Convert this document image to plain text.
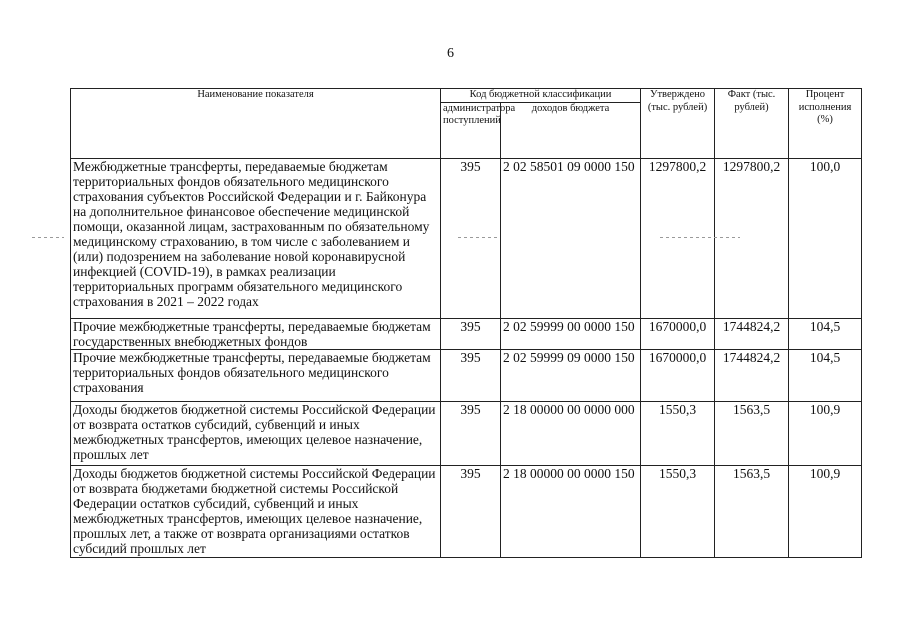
6
Наименование показателя	Код бюджетной классификации		Утверждено (тыс. рублей)	Факт (тыс. рублей)	Процент исполнения (%)
	администратора поступлений	доходов бюджета			
Межбюджетные трансферты, передаваемые бюджетам территориальных фондов обязательного медицинского страхования субъектов Российской Федерации и г. Байконура на дополнительное финансовое обеспечение медицинской помощи, оказанной лицам, застрахованным по обязательному медицинскому страхованию, в том числе с заболеванием и (или) подозрением на заболевание новой коронавирусной инфекцией (COVID-19), в рамках реализации территориальных программ обязательного медицинского страхования в 2021 – 2022 годах	395	2 02 58501 09 0000 150	1297800,2	1297800,2	100,0
Прочие межбюджетные трансферты, передаваемые бюджетам государственных внебюджетных фондов	395	2 02 59999 00 0000 150	1670000,0	1744824,2	104,5
Прочие межбюджетные трансферты, передаваемые бюджетам территориальных фондов обязательного медицинского страхования	395	2 02 59999 09 0000 150	1670000,0	1744824,2	104,5
Доходы бюджетов бюджетной системы Российской Федерации от возврата остатков субсидий, субвенций и иных межбюджетных трансфертов, имеющих целевое назначение, прошлых лет	395	2 18 00000 00 0000 000	1550,3	1563,5	100,9
Доходы бюджетов бюджетной системы Российской Федерации от возврата бюджетами бюджетной системы Российской Федерации остатков субсидий, субвенций и иных межбюджетных трансфертов, имеющих целевое назначение, прошлых лет, а также от возврата организациями остатков субсидий прошлых лет	395	2 18 00000 00 0000 150	1550,3	1563,5	100,9
